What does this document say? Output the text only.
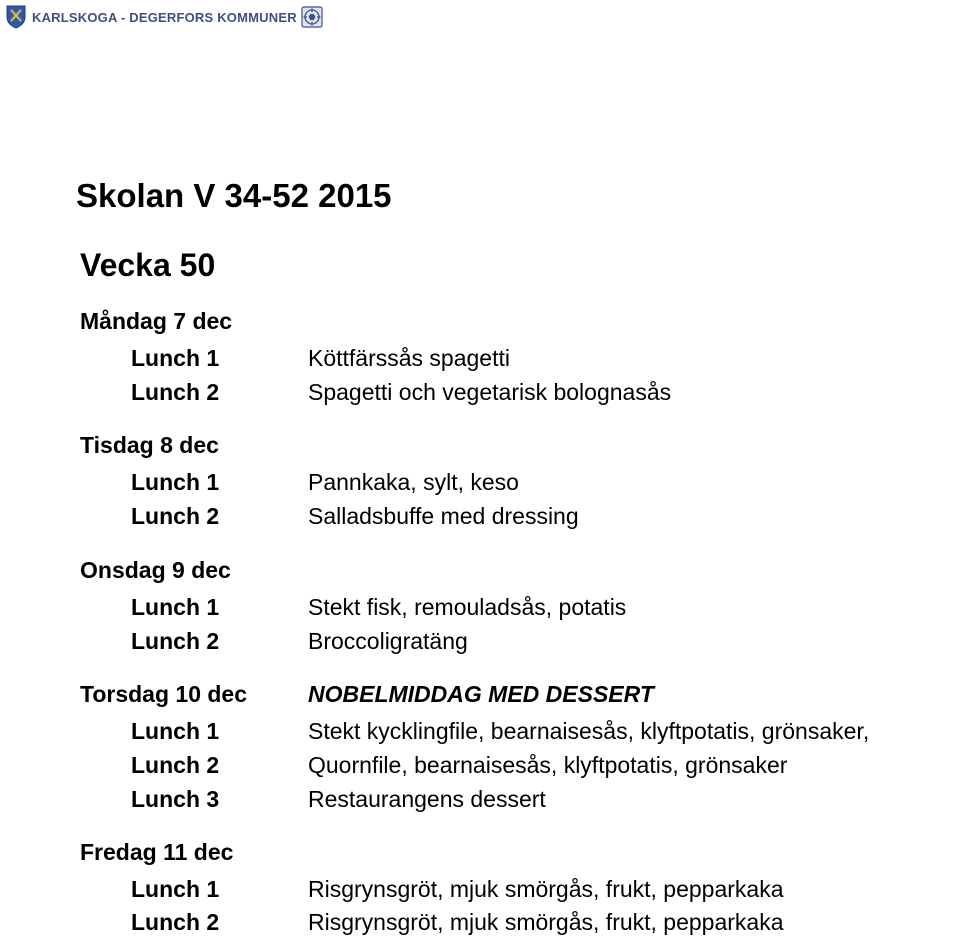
KARLSKOGA - DEGERFORS KOMMUNER
Skolan V 34-52 2015
Vecka 50
Måndag 7 dec
Lunch 1	Köttfärssås spagetti
Lunch 2	Spagetti och vegetarisk bolognasås
Tisdag 8 dec
Lunch 1	Pannkaka, sylt, keso
Lunch 2	Salladsbuffe med dressing
Onsdag 9 dec
Lunch 1	Stekt fisk, remouladsås, potatis
Lunch 2	Broccoligratäng
Torsdag 10 dec	NOBELMIDDAG MED DESSERT
Lunch 1	Stekt kycklingfile, bearnaisesås, klyftpotatis, grönsaker,
Lunch 2	Quornfile, bearnaisesås, klyftpotatis, grönsaker
Lunch 3	Restaurangens dessert
Fredag 11 dec
Lunch 1	Risgrynsgröt, mjuk smörgås, frukt, pepparkaka
Lunch 2	Risgrynsgröt, mjuk smörgås, frukt, pepparkaka
